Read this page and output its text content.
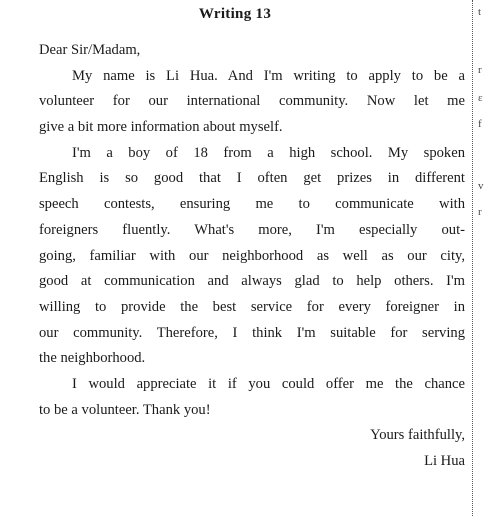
Writing 13
Dear Sir/Madam,
My name is Li Hua. And I'm writing to apply to be a
volunteer for our international community. Now let me
give a bit more information about myself.
I'm a boy of 18 from a high school. My spoken
English is so good that I often get prizes in different
speech contests, ensuring me to communicate with
foreigners fluently. What's more, I'm especially out-
going, familiar with our neighborhood as well as our city,
good at communication and always glad to help others. I'm
willing to provide the best service for every foreigner in
our community. Therefore, I think I'm suitable for serving
the neighborhood.
I would appreciate it if you could offer me the chance
to be a volunteer. Thank you!
Yours faithfully,
Li Hua
t
r
ε
f
v
r
